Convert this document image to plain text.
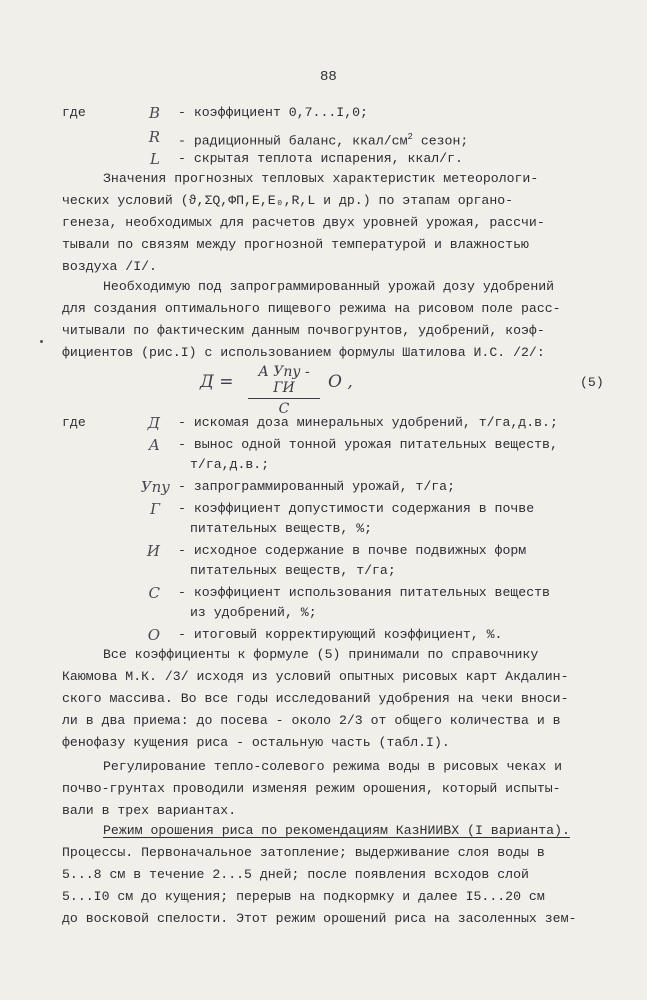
88
где	В - коэффициент 0,7...I,0;
R - радиционный баланс, ккал/$см^2$ сезон;
L - скрытая теплота испарения, ккал/г.
Значения прогнозных тепловых характеристик метеорологи-
ческих условий (ϑ,ΣQ,ФП,E,E₀,R,L и др.) по этапам органо-
генеза, необходимых для расчетов двух уровней урожая, рассчи-
тывали по связям между прогнозной температурой и влажностью
воздуха /I/.
Необходимую под запрограммированный урожай дозу удобрений
для создания оптимального пищевого режима на рисовом поле расс-
читывали по фактическим данным почвогрунтов, удобрений, коэф-
фициентов (рис.I) с использованием формулы Шатилова И.С. /2/:
Д =	А Упу - ГИ
С
О ,	(5)
где	Д - искомая доза минеральных удобрений, т/га,д.в.;
А - вынос одной тонной урожая питательных веществ,
т/га,д.в.;
Упу - запрограммированный урожай, т/га;
Г - коэффициент допустимости содержания в почве
питательных веществ, %;
И - исходное содержание в почве подвижных форм
питательных веществ, т/га;
С - коэффициент использования питательных веществ
из удобрений, %;
О - итоговый корректирующий коэффициент, %.
Все коэффициенты к формуле (5) принимали по справочнику
Каюмова М.К. /3/ исходя из условий опытных рисовых карт Акдалин-
ского массива. Во все годы исследований удобрения на чеки вноси-
ли в два приема: до посева - около 2/3 от общего количества и в
фенофазу кущения риса - остальную часть (табл.I).
Регулирование тепло-солевого режима воды в рисовых чеках и
почво-грунтах проводили изменяя режим орошения, который испыты-
вали в трех вариантах.
Режим орошения риса по рекомендациям КазНИИВХ (I варианта).
Процессы. Первоначальное затопление; выдерживание слоя воды в
5...8 см в течение 2...5 дней; после появления всходов слой
5...I0 см до кущения; перерыв на подкормку и далее I5...20 см
до восковой спелости. Этот режим орошений риса на засоленных зем-
